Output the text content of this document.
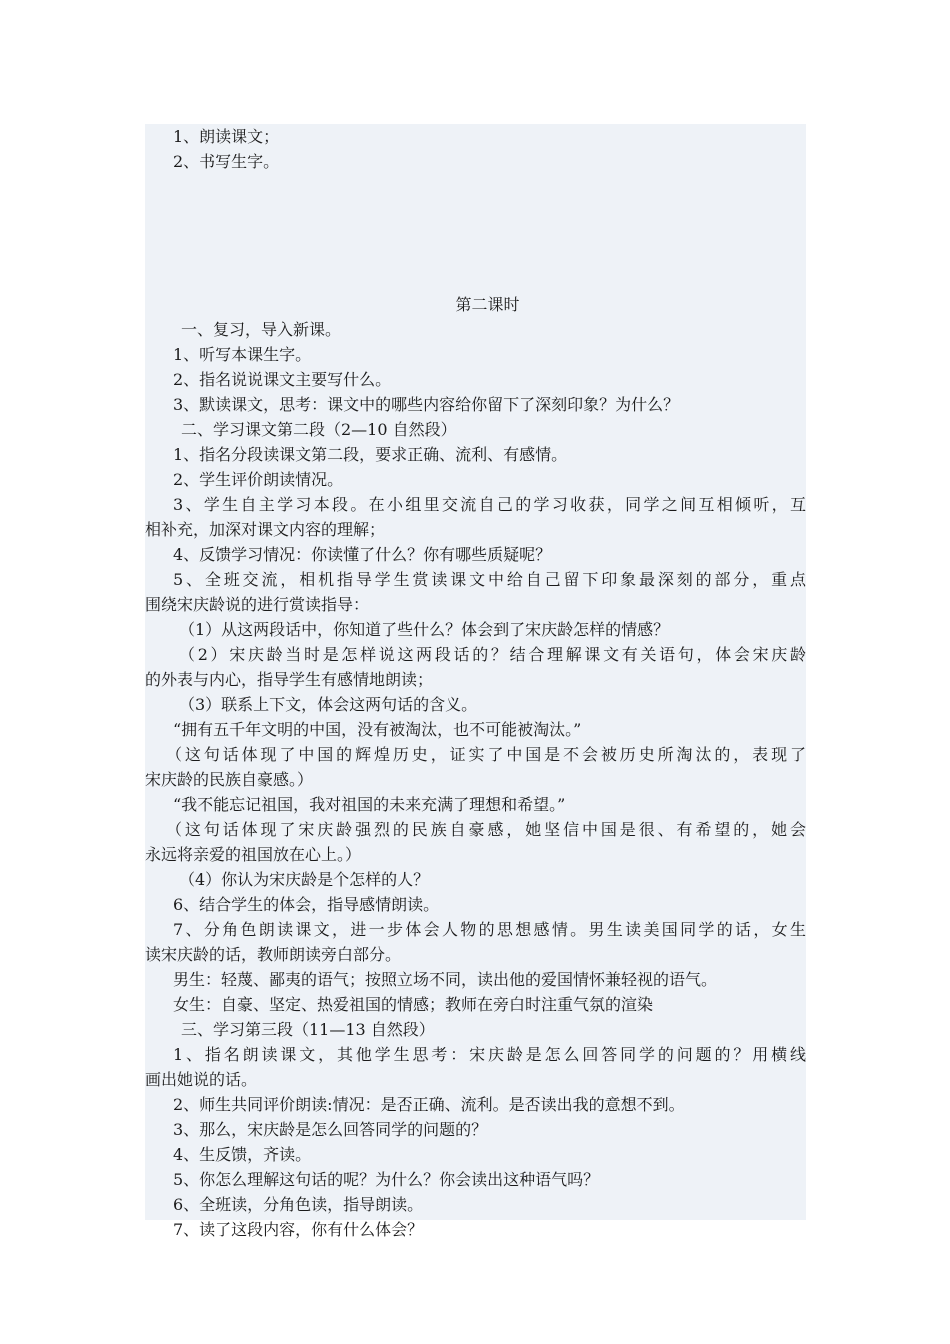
1、朗读课文；
2、书写生字。
第二课时
一、复习，导入新课。
1、听写本课生字。
2、指名说说课文主要写什么。
3、默读课文，思考：课文中的哪些内容给你留下了深刻印象？为什么？
二、学习课文第二段（2—10 自然段）
1、指名分段读课文第二段，要求正确、流利、有感情。
2、学生评价朗读情况。
3、学生自主学习本段。在小组里交流自己的学习收获，同学之间互相倾听，互
相补充，加深对课文内容的理解；
4、反馈学习情况：你读懂了什么？你有哪些质疑呢？
5、全班交流，相机指导学生赏读课文中给自己留下印象最深刻的部分，重点
围绕宋庆龄说的进行赏读指导：
（1）从这两段话中，你知道了些什么？体会到了宋庆龄怎样的情感？
（2）宋庆龄当时是怎样说这两段话的？结合理解课文有关语句，体会宋庆龄
的外表与内心，指导学生有感情地朗读；
（3）联系上下文，体会这两句话的含义。
“拥有五千年文明的中国，没有被淘汰，也不可能被淘汰。”
（这句话体现了中国的辉煌历史，证实了中国是不会被历史所淘汰的，表现了
宋庆龄的民族自豪感。）
“我不能忘记祖国，我对祖国的未来充满了理想和希望。”
（这句话体现了宋庆龄强烈的民族自豪感，她坚信中国是很、有希望的，她会
永远将亲爱的祖国放在心上。）
（4）你认为宋庆龄是个怎样的人？
6、结合学生的体会，指导感情朗读。
7、分角色朗读课文，进一步体会人物的思想感情。男生读美国同学的话，女生
读宋庆龄的话，教师朗读旁白部分。
男生：轻蔑、鄙夷的语气；按照立场不同，读出他的爱国情怀兼轻视的语气。
女生：自豪、坚定、热爱祖国的情感；教师在旁白时注重气氛的渲染
三、学习第三段（11—13 自然段）
1、指名朗读课文，其他学生思考：宋庆龄是怎么回答同学的问题的？用横线
画出她说的话。
2、师生共同评价朗读:情况：是否正确、流利。是否读出我的意想不到。
3、那么，宋庆龄是怎么回答同学的问题的？
4、生反馈，齐读。
5、你怎么理解这句话的呢？为什么？你会读出这种语气吗？
6、全班读，分角色读，指导朗读。
7、读了这段内容，你有什么体会？
